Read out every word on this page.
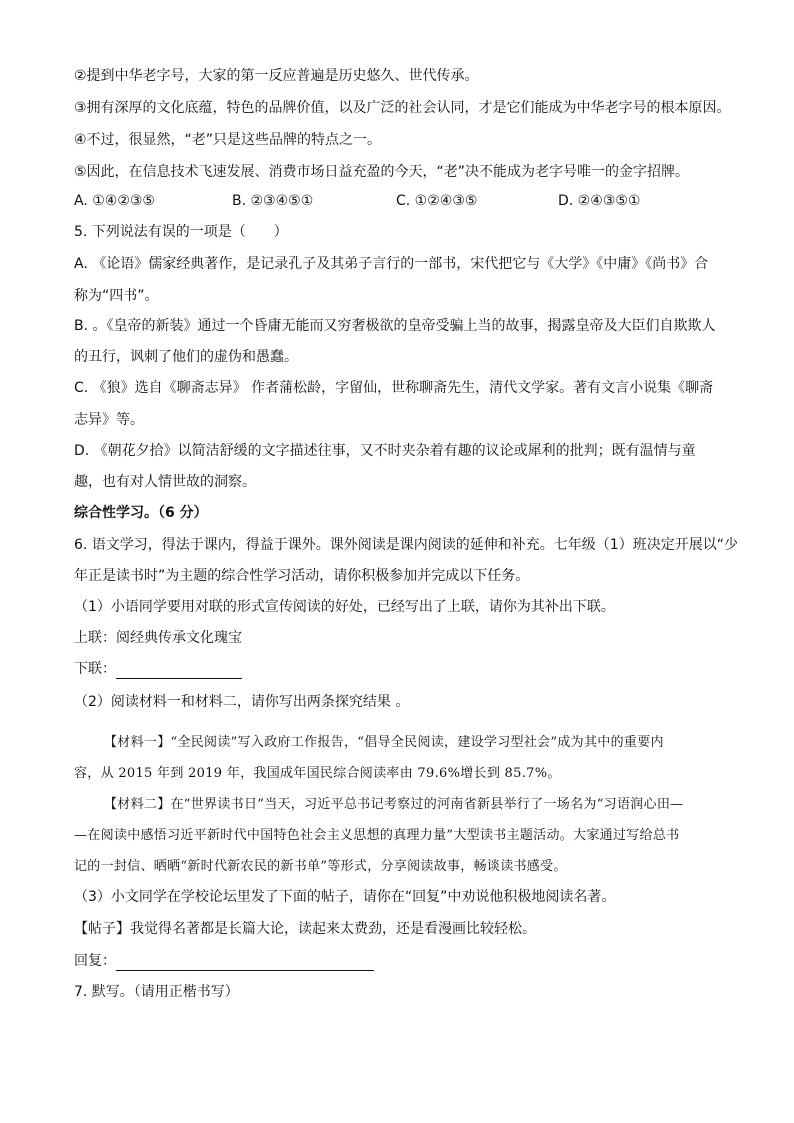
②提到中华老字号，大家的第一反应普遍是历史悠久、世代传承。
③拥有深厚的文化底蕴，特色的品牌价值，以及广泛的社会认同，才是它们能成为中华老字号的根本原因。
④不过，很显然，“老”只是这些品牌的特点之一。
⑤因此，在信息技术飞速发展、消费市场日益充盈的今天，“老”决不能成为老字号唯一的金字招牌。
A. ①④②③⑤	B. ②③④⑤①	C. ①②④③⑤	D. ②④③⑤①
5. 下列说法有误的一项是（　　）
A. 《论语》儒家经典著作，是记录孔子及其弟子言行的一部书，宋代把它与《大学》《中庸》《尚书》合
称为“四书”。
B. 。《皇帝的新装》通过一个昏庸无能而又穷奢极欲的皇帝受骗上当的故事，揭露皇帝及大臣们自欺欺人
的丑行，讽刺了他们的虚伪和愚蠢。
C. 《狼》选自《聊斋志异》 作者蒲松龄，字留仙，世称聊斋先生，清代文学家。著有文言小说集《聊斋
志异》等。
D. 《朝花夕拾》以简洁舒缓的文字描述往事，又不时夹杂着有趣的议论或犀利的批判；既有温情与童
趣，也有对人情世故的洞察。
综合性学习。（6 分）
6. 语文学习，得法于课内，得益于课外。课外阅读是课内阅读的延伸和补充。七年级（1）班决定开展以“少
年正是读书时”为主题的综合性学习活动，请你积极参加并完成以下任务。
（1）小语同学要用对联的形式宣传阅读的好处，已经写出了上联，请你为其补出下联。
上联：阅经典传承文化瑰宝
下联：
（2）阅读材料一和材料二，请你写出两条探究结果 。
【材料一】“全民阅读”写入政府工作报告，“倡导全民阅读，建设学习型社会”成为其中的重要内
容，从 2015 年到 2019 年，我国成年国民综合阅读率由 79.6%增长到 85.7%。
【材料二】在“世界读书日”当天，习近平总书记考察过的河南省新县举行了一场名为“习语润心田—
—在阅读中感悟习近平新时代中国特色社会主义思想的真理力量”大型读书主题活动。大家通过写给总书
记的一封信、晒晒“新时代新农民的新书单”等形式，分享阅读故事，畅谈读书感受。
（3）小文同学在学校论坛里发了下面的帖子，请你在“回复”中劝说他积极地阅读名著。
【帖子】我觉得名著都是长篇大论，读起来太费劲，还是看漫画比较轻松。
回复：
7. 默写。（请用正楷书写）
